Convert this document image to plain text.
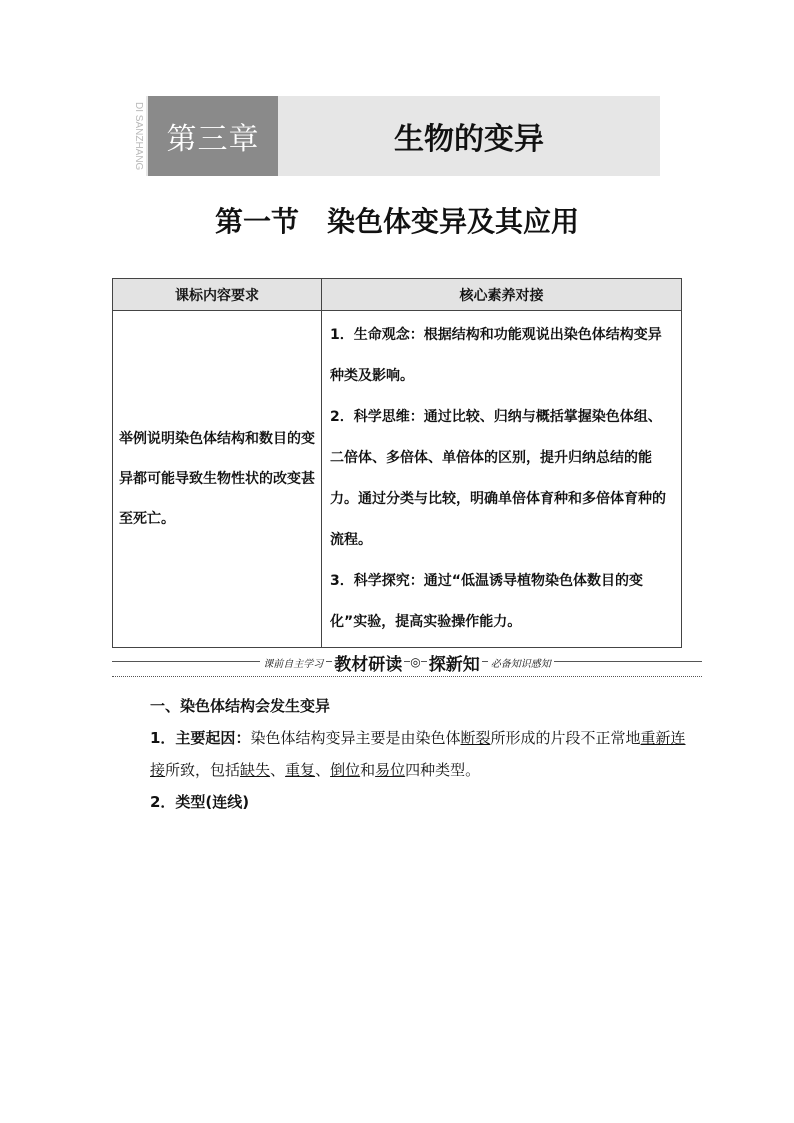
DI SANZHANG 第三章	生物的变异
第一节 染色体变异及其应用
课标内容要求	核心素养对接
举例说明染色体结构和数目的变异都可能导致生物性状的改变甚至死亡。	1．生命观念：根据结构和功能观说出染色体结构变异种类及影响。

2．科学思维：通过比较、归纳与概括掌握染色体组、二倍体、多倍体、单倍体的区别，提升归纳总结的能力。通过分类与比较，明确单倍体育种和多倍体育种的流程。

3．科学探究：通过“低温诱导植物染色体数目的变化”实验，提高实验操作能力。

课前自主学习 教材研读 ◎ 探新知	必备知识感知

一、染色体结构会发生变异

1．主要起因：染色体结构变异主要是由染色体断裂所形成的片段不正常地重新连接所致，包括缺失、重复、倒位和易位四种类型。

2．类型(连线)
